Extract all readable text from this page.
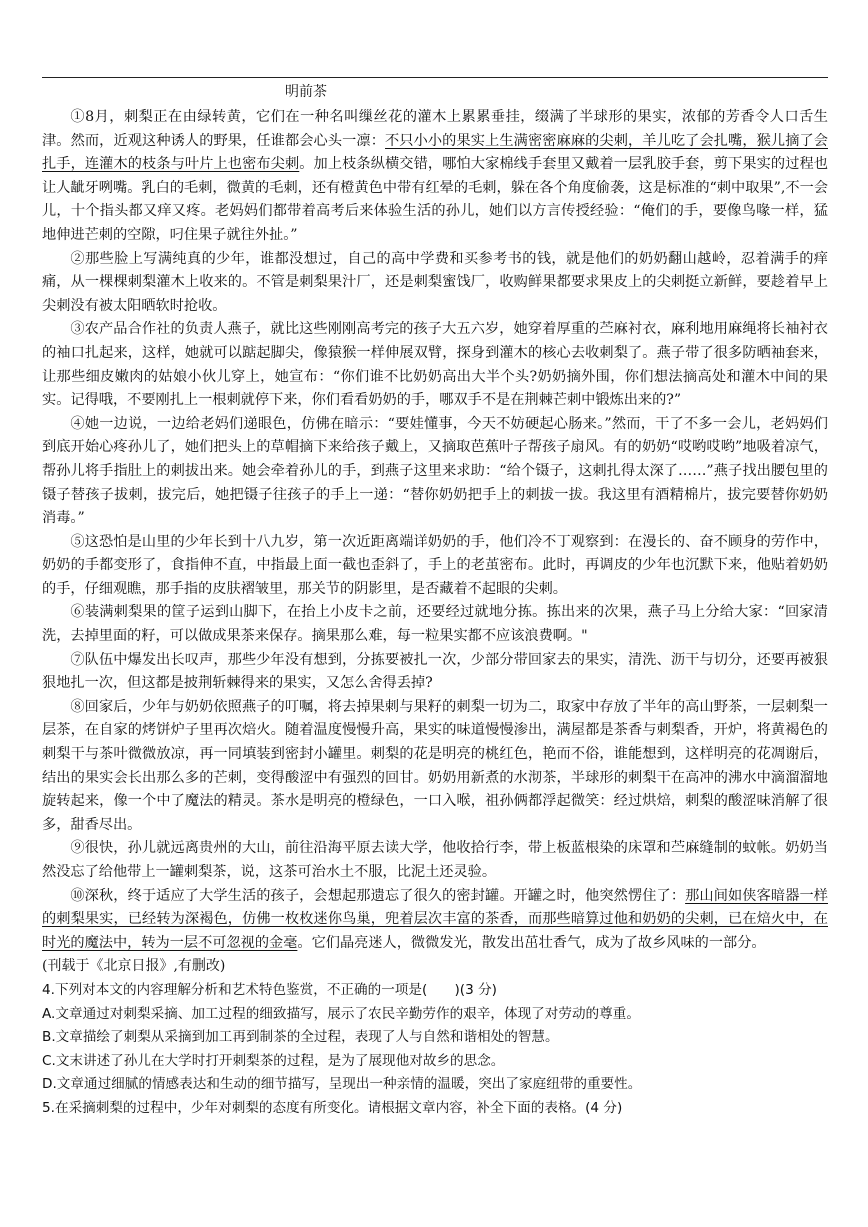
明前茶

①8月，刺梨正在由绿转黄，它们在一种名叫缫丝花的灌木上累累垂挂，缀满了半球形的果实，浓郁的芳香令人口舌生津。然而，近观这种诱人的野果，任谁都会心头一凛：不只小小的果实上生满密密麻麻的尖刺，羊儿吃了会扎嘴，猴儿摘了会扎手，连灌木的枝条与叶片上也密布尖刺。加上枝条纵横交错，哪怕大家棉线手套里又戴着一层乳胶手套，剪下果实的过程也让人龇牙咧嘴。乳白的毛刺，微黄的毛刺，还有橙黄色中带有红晕的毛刺，躲在各个角度偷袭，这是标准的“刺中取果”,不一会儿，十个指头都又痒又疼。老妈妈们都带着高考后来体验生活的孙儿，她们以方言传授经验：“俺们的手，要像鸟喙一样，猛地伸进芒刺的空隙，叼住果子就往外扯。”

②那些脸上写满纯真的少年，谁都没想过，自己的高中学费和买参考书的钱，就是他们的奶奶翻山越岭，忍着满手的痒痛，从一棵棵刺梨灌木上收来的。不管是刺梨果汁厂，还是刺梨蜜饯厂，收购鲜果都要求果皮上的尖刺挺立新鲜，要趁着早上尖刺没有被太阳晒软时抢收。

③农产品合作社的负责人燕子，就比这些刚刚高考完的孩子大五六岁，她穿着厚重的苎麻衬衣，麻利地用麻绳将长袖衬衣的袖口扎起来，这样，她就可以踮起脚尖，像猿猴一样伸展双臂，探身到灌木的核心去收刺梨了。燕子带了很多防晒袖套来，让那些细皮嫩肉的姑娘小伙儿穿上，她宣布：“你们谁不比奶奶高出大半个头?奶奶摘外围，你们想法摘高处和灌木中间的果实。记得哦，不要刚扎上一根刺就停下来，你们看看奶奶的手，哪双手不是在荆棘芒刺中锻炼出来的?”

④她一边说，一边给老妈们递眼色，仿佛在暗示：“要娃懂事，今天不妨硬起心肠来。”然而，干了不多一会儿，老妈妈们到底开始心疼孙儿了，她们把头上的草帽摘下来给孩子戴上，又摘取芭蕉叶子帮孩子扇风。有的奶奶“哎哟哎哟”地吸着凉气，帮孙儿将手指肚上的刺拔出来。她会牵着孙儿的手，到燕子这里来求助：“给个镊子，这刺扎得太深了……”燕子找出腰包里的镊子替孩子拔刺，拔完后，她把镊子往孩子的手上一递：“替你奶奶把手上的刺拔一拔。我这里有酒精棉片，拔完要替你奶奶消毒。”

⑤这恐怕是山里的少年长到十八九岁，第一次近距离端详奶奶的手，他们冷不丁观察到：在漫长的、奋不顾身的劳作中，奶奶的手都变形了，食指伸不直，中指最上面一截也歪斜了，手上的老茧密布。此时，再调皮的少年也沉默下来，他贴着奶奶的手，仔细观瞧，那手指的皮肤褶皱里，那关节的阴影里，是否藏着不起眼的尖刺。

⑥装满刺梨果的筐子运到山脚下，在抬上小皮卡之前，还要经过就地分拣。拣出来的次果，燕子马上分给大家：“回家清洗，去掉里面的籽，可以做成果茶来保存。摘果那么难，每一粒果实都不应该浪费啊。"

⑦队伍中爆发出长叹声，那些少年没有想到，分拣要被扎一次，少部分带回家去的果实，清洗、沥干与切分，还要再被狠狠地扎一次，但这都是披荆斩棘得来的果实，又怎么舍得丢掉?

⑧回家后，少年与奶奶依照燕子的叮嘱，将去掉果刺与果籽的刺梨一切为二，取家中存放了半年的高山野茶，一层刺梨一层茶，在自家的烤饼炉子里再次焙火。随着温度慢慢升高，果实的味道慢慢渗出，满屋都是茶香与刺梨香，开炉，将黄褐色的刺梨干与茶叶微微放凉，再一同填装到密封小罐里。刺梨的花是明亮的桃红色，艳而不俗，谁能想到，这样明亮的花凋谢后，结出的果实会长出那么多的芒刺，变得酸涩中有强烈的回甘。奶奶用新煮的水沏茶，半球形的刺梨干在高冲的沸水中滴溜溜地旋转起来，像一个中了魔法的精灵。茶水是明亮的橙绿色，一口入喉，祖孙俩都浮起微笑：经过烘焙，刺梨的酸涩味消解了很多，甜香尽出。

⑨很快，孙儿就远离贵州的大山，前往沿海平原去读大学，他收拾行李，带上板蓝根染的床罩和苎麻缝制的蚊帐。奶奶当然没忘了给他带上一罐刺梨茶，说，这茶可治水土不服，比泥土还灵验。

⑩深秋，终于适应了大学生活的孩子，会想起那遗忘了很久的密封罐。开罐之时，他突然愣住了：那山间如侠客暗器一样的刺梨果实，已经转为深褐色，仿佛一枚枚迷你鸟巢，兜着层次丰富的茶香，而那些暗算过他和奶奶的尖刺，已在焙火中，在时光的魔法中，转为一层不可忽视的金毫。它们晶亮迷人，微微发光，散发出茁壮香气，成为了故乡风味的一部分。

(刊载于《北京日报》,有删改)

4.下列对本文的内容理解分析和艺术特色鉴赏，不正确的一项是(　　)(3 分)

A.文章通过对刺梨采摘、加工过程的细致描写，展示了农民辛勤劳作的艰辛，体现了对劳动的尊重。

B.文章描绘了刺梨从采摘到加工再到制茶的全过程，表现了人与自然和谐相处的智慧。

C.文末讲述了孙儿在大学时打开刺梨茶的过程，是为了展现他对故乡的思念。

D.文章通过细腻的情感表达和生动的细节描写，呈现出一种亲情的温暖，突出了家庭纽带的重要性。

5.在采摘刺梨的过程中，少年对刺梨的态度有所变化。请根据文章内容，补全下面的表格。(4 分)
